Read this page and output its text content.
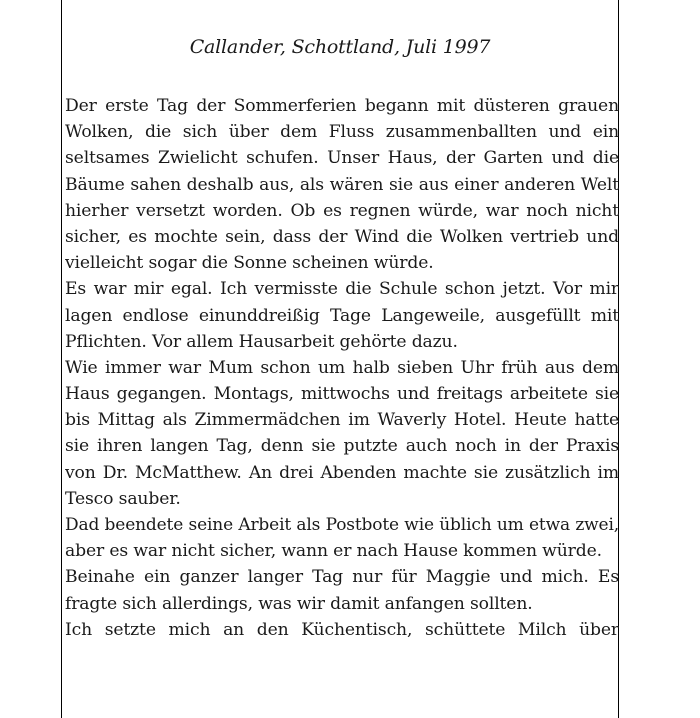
Callander, Schottland, Juli 1997
Der erste Tag der Sommerferien begann mit düsteren grauen
Wolken, die sich über dem Fluss zusammenballten und ein
seltsames Zwielicht schufen. Unser Haus, der Garten und die
Bäume sahen deshalb aus, als wären sie aus einer anderen Welt
hierher versetzt worden. Ob es regnen würde, war noch nicht
sicher, es mochte sein, dass der Wind die Wolken vertrieb und
vielleicht sogar die Sonne scheinen würde.
Es war mir egal. Ich vermisste die Schule schon jetzt. Vor mir
lagen endlose einunddreißig Tage Langeweile, ausgefüllt mit
Pflichten. Vor allem Hausarbeit gehörte dazu.
Wie immer war Mum schon um halb sieben Uhr früh aus dem
Haus gegangen. Montags, mittwochs und freitags arbeitete sie
bis Mittag als Zimmermädchen im Waverly Hotel. Heute hatte
sie ihren langen Tag, denn sie putzte auch noch in der Praxis
von Dr. McMatthew. An drei Abenden machte sie zusätzlich im
Tesco sauber.
Dad beendete seine Arbeit als Postbote wie üblich um etwa zwei,
aber es war nicht sicher, wann er nach Hause kommen würde.
Beinahe ein ganzer langer Tag nur für Maggie und mich. Es
fragte sich allerdings, was wir damit anfangen sollten.
Ich setzte mich an den Küchentisch, schüttete Milch über
